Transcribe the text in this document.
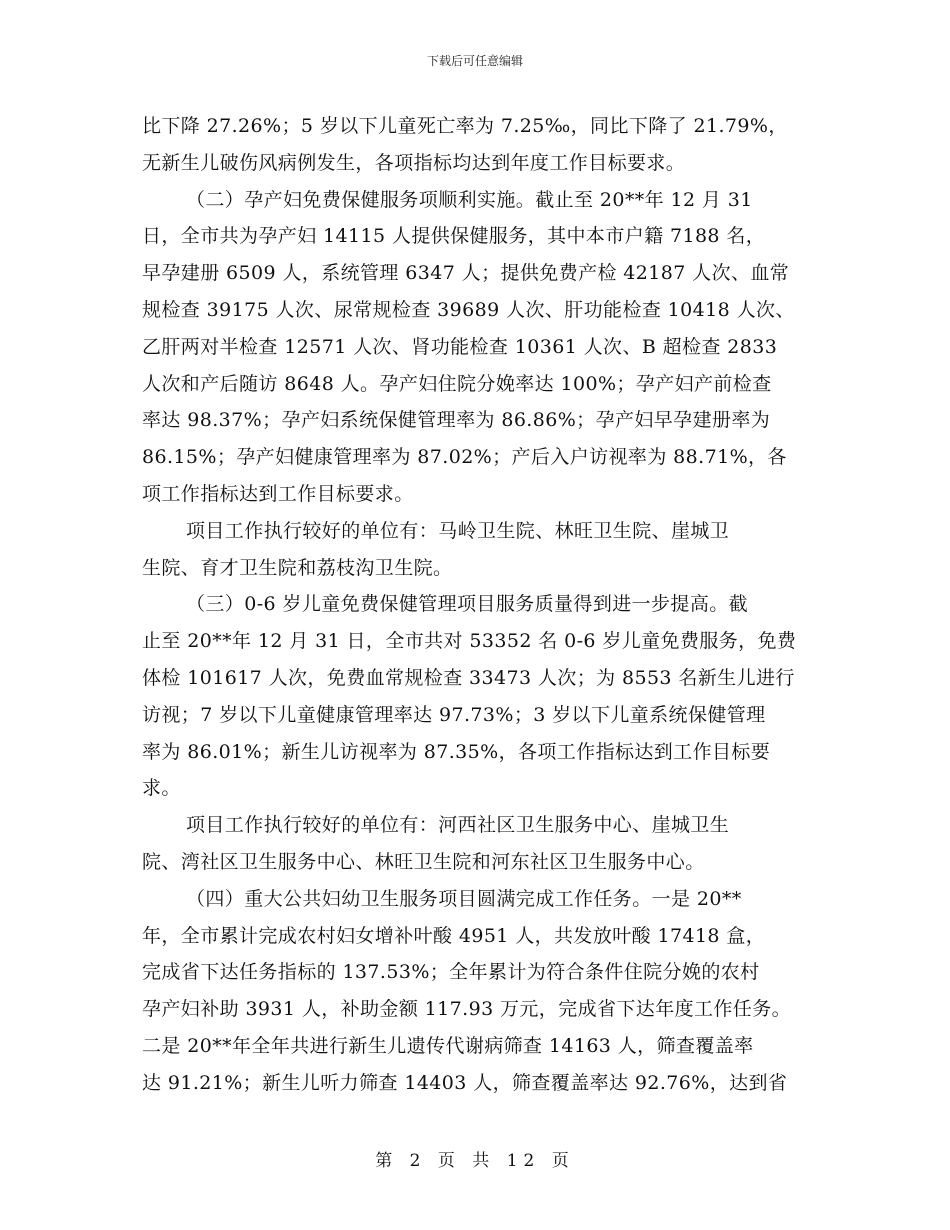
下载后可任意编辑
比下降 27.26%；5 岁以下儿童死亡率为 7.25‰，同比下降了 21.79%，
无新生儿破伤风病例发生，各项指标均达到年度工作目标要求。
（二）孕产妇免费保健服务项顺利实施。截止至 20**年 12 月 31
日，全市共为孕产妇 14115 人提供保健服务，其中本市户籍 7188 名，
早孕建册 6509 人，系统管理 6347 人；提供免费产检 42187 人次、血常
规检查 39175 人次、尿常规检查 39689 人次、肝功能检查 10418 人次、
乙肝两对半检查 12571 人次、肾功能检查 10361 人次、B 超检查 2833
人次和产后随访 8648 人。孕产妇住院分娩率达 100%；孕产妇产前检查
率达 98.37%；孕产妇系统保健管理率为 86.86%；孕产妇早孕建册率为
86.15%；孕产妇健康管理率为 87.02%；产后入户访视率为 88.71%，各
项工作指标达到工作目标要求。
项目工作执行较好的单位有：马岭卫生院、林旺卫生院、崖城卫
生院、育才卫生院和荔枝沟卫生院。
（三）0-6 岁儿童免费保健管理项目服务质量得到进一步提高。截
止至 20**年 12 月 31 日，全市共对 53352 名 0-6 岁儿童免费服务，免费
体检 101617 人次，免费血常规检查 33473 人次；为 8553 名新生儿进行
访视；7 岁以下儿童健康管理率达 97.73%；3 岁以下儿童系统保健管理
率为 86.01%；新生儿访视率为 87.35%，各项工作指标达到工作目标要
求。
项目工作执行较好的单位有：河西社区卫生服务中心、崖城卫生
院、湾社区卫生服务中心、林旺卫生院和河东社区卫生服务中心。
（四）重大公共妇幼卫生服务项目圆满完成工作任务。一是 20**
年，全市累计完成农村妇女增补叶酸 4951 人，共发放叶酸 17418 盒，
完成省下达任务指标的 137.53%；全年累计为符合条件住院分娩的农村
孕产妇补助 3931 人，补助金额 117.93 万元，完成省下达年度工作任务。
二是 20**年全年共进行新生儿遗传代谢病筛查 14163 人，筛查覆盖率
达 91.21%；新生儿听力筛查 14403 人，筛查覆盖率达 92.76%，达到省
第 2 页 共 12 页
